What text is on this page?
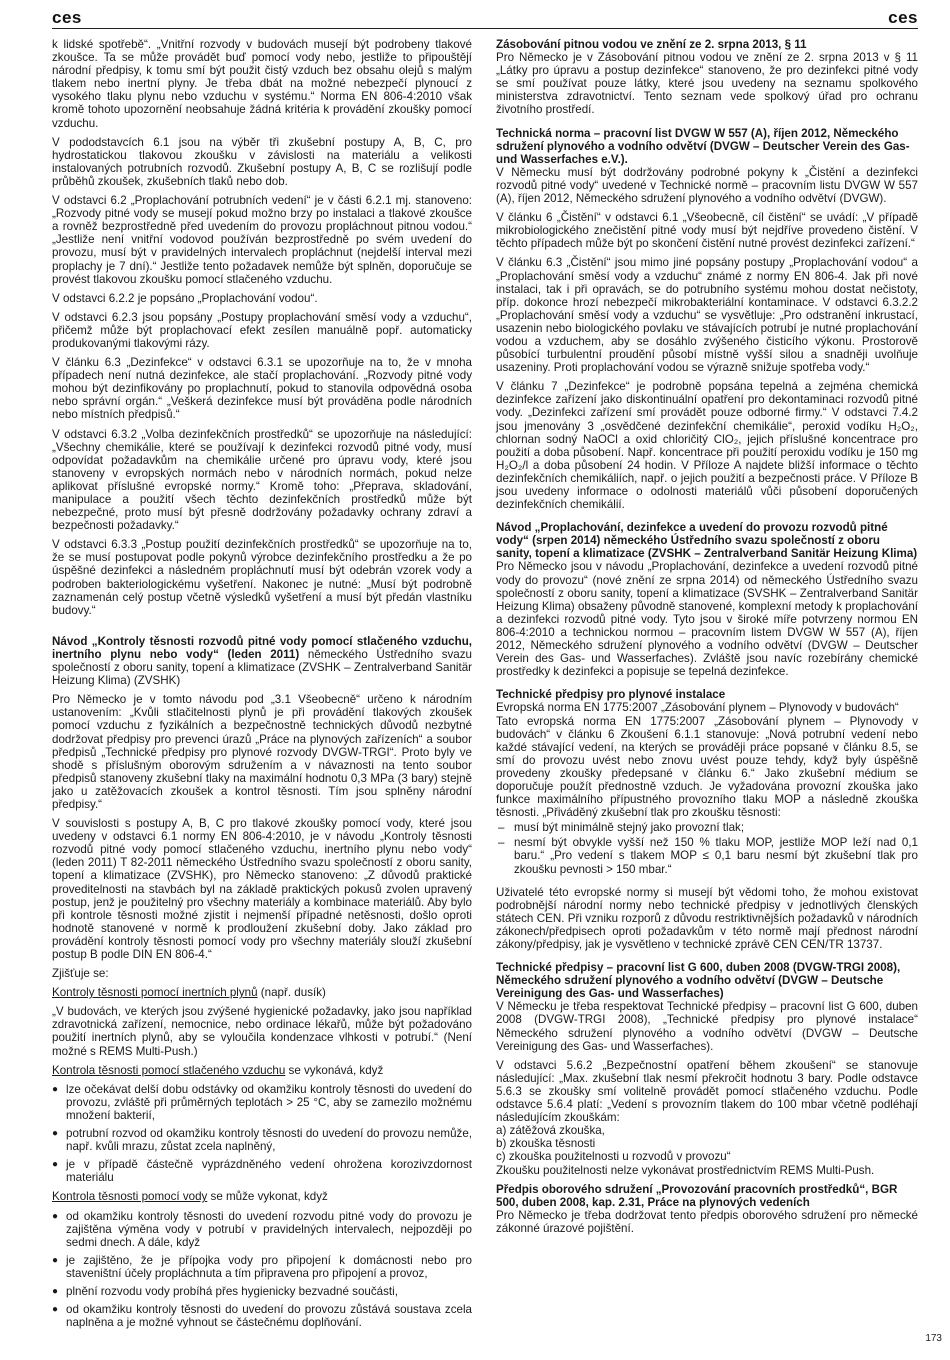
ces	ces

k lidské spotřebě“. „Vnitřní rozvody v budovách musejí být podrobeny tlakové zkoušce. Ta se může provádět buď pomocí vody nebo, jestliže to připouštějí národní předpisy, k tomu smí být použit čistý vzduch bez obsahu olejů s malým tlakem nebo inertní plyny. Je třeba dbát na možné nebezpečí plynoucí z vysokého tlaku plynu nebo vzduchu v systému.“ Norma EN 806-4:2010 však kromě tohoto upozornění neobsahuje žádná kritéria k provádění zkoušky pomocí vzduchu.

V pododstavcích 6.1 jsou na výběr tři zkušební postupy A, B, C, pro hydrostatickou tlakovou zkoušku v závislosti na materiálu a velikosti instalovaných potrubních rozvodů. Zkušební postupy A, B, C se rozlišují podle průběhů zkoušek, zkušebních tlaků nebo dob.

V odstavci 6.2 „Proplachování potrubních vedení“ je v části 6.2.1 mj. stanoveno: „Rozvody pitné vody se musejí pokud možno brzy po instalaci a tlakové zkoušce a rovněž bezprostředně před uvedením do provozu propláchnout pitnou vodou.“ „Jestliže není vnitřní vodovod používán bezprostředně po svém uvedení do provozu, musí být v pravidelných intervalech propláchnut (nejdelší interval mezi proplachy je 7 dní).“ Jestliže tento požadavek nemůže být splněn, doporučuje se provést tlakovou zkoušku pomocí stlačeného vzduchu.

V odstavci 6.2.2 je popsáno „Proplachování vodou“.

V odstavci 6.2.3 jsou popsány „Postupy proplachování směsí vody a vzduchu“, přičemž může být proplachovací efekt zesílen manuálně popř. automaticky produkovanými tlakovými rázy.

V článku 6.3 „Dezinfekce“ v odstavci 6.3.1 se upozorňuje na to, že v mnoha případech není nutná dezinfekce, ale stačí proplachování. „Rozvody pitné vody mohou být dezinfikovány po proplachnutí, pokud to stanovila odpovědná osoba nebo správní orgán.“ „Veškerá dezinfekce musí být prováděna podle národních nebo místních předpisů.“

V odstavci 6.3.2 „Volba dezinfekčních prostředků“ se upozorňuje na následující: „Všechny chemikálie, které se používají k dezinfekci rozvodů pitné vody, musí odpovídat požadavkům na chemikálie určené pro úpravu vody, které jsou stanoveny v evropských normách nebo v národních normách, pokud nelze aplikovat příslušné evropské normy.“ Kromě toho: „Přeprava, skladování, manipulace a použití všech těchto dezinfekčních prostředků může být nebezpečné, proto musí být přesně dodržovány požadavky ochrany zdraví a bezpečnosti požadavky.“

V odstavci 6.3.3 „Postup použití dezinfekčních prostředků“ se upozorňuje na to, že se musí postupovat podle pokynů výrobce dezinfekčního prostředku a že po úspěšné dezinfekci a následném propláchnutí musí být odebrán vzorek vody a podroben bakteriologickému vyšetření. Nakonec je nutné: „Musí být podrobně zaznamenán celý postup včetně výsledků vyšetření a musí být předán vlastníku budovy.“

Návod „Kontroly těsnosti rozvodů pitné vody pomocí stlačeného vzduchu, inertního plynu nebo vody“ (leden 2011) německého Ústředního svazu společností z oboru sanity, topení a klimatizace (ZVSHK – Zentralverband Sanitär Heizung Klima) (ZVSHK)

Pro Německo je v tomto návodu pod „3.1 Všeobecně“ určeno k národním ustanovením: „Kvůli stlačitelnosti plynů je při provádění tlakových zkoušek pomocí vzduchu z fyzikálních a bezpečnostně technických důvodů nezbytné dodržovat předpisy pro prevenci úrazů „Práce na plynových zařízeních“ a soubor předpisů „Technické předpisy pro plynové rozvody DVGW-TRGI“. Proto byly ve shodě s příslušným oborovým sdružením a v návaznosti na tento soubor předpisů stanoveny zkušební tlaky na maximální hodnotu 0,3 MPa (3 bary) stejně jako u zatěžovacích zkoušek a kontrol těsnosti. Tím jsou splněny národní předpisy.“

V souvislosti s postupy A, B, C pro tlakové zkoušky pomocí vody, které jsou uvedeny v odstavci 6.1 normy EN 806-4:2010, je v návodu „Kontroly těsnosti rozvodů pitné vody pomocí stlačeného vzduchu, inertního plynu nebo vody“ (leden 2011) T 82-2011 německého Ústředního svazu společností z oboru sanity, topení a klimatizace (ZVSHK), pro Německo stanoveno: „Z důvodů praktické proveditelnosti na stavbách byl na základě praktických pokusů zvolen upravený postup, jenž je použitelný pro všechny materiály a kombinace materiálů. Aby bylo při kontrole těsnosti možné zjistit i nejmenší případné netěsnosti, došlo oproti hodnotě stanovené v normě k prodloužení zkušební doby. Jako základ pro provádění kontroly těsnosti pomocí vody pro všechny materiály slouží zkušební postup B podle DIN EN 806-4.“

Zjišťuje se:

Kontroly těsnosti pomocí inertních plynů (např. dusík)

„V budovách, ve kterých jsou zvýšené hygienické požadavky, jako jsou například zdravotnická zařízení, nemocnice, nebo ordinace lékařů, může být požadováno použití inertních plynů, aby se vyloučila kondenzace vlhkosti v potrubí.“ (Není možné s REMS Multi-Push.)

Kontrola těsnosti pomocí stlačeného vzduchu se vykonává, když

● lze očekávat delší dobu odstávky od okamžiku kontroly těsnosti do uvedení do provozu, zvláště při průměrných teplotách > 25 °C, aby se zamezilo možnému množení bakterií,
● potrubní rozvod od okamžiku kontroly těsnosti do uvedení do provozu nemůže, např. kvůli mrazu, zůstat zcela naplněný,
● je v případě částečně vyprázdněného vedení ohrožena korozivzdornost materiálu

Kontrola těsnosti pomocí vody se může vykonat, když

● od okamžiku kontroly těsnosti do uvedení rozvodu pitné vody do provozu je zajištěna výměna vody v potrubí v pravidelných intervalech, nejpozději po sedmi dnech. A dále, když
● je zajištěno, že je přípojka vody pro připojení k domácnosti nebo pro staveništní účely propláchnuta a tím připravena pro připojení a provoz,
● plnění rozvodu vody probíhá přes hygienicky bezvadné součásti,
● od okamžiku kontroly těsnosti do uvedení do provozu zůstává soustava zcela naplněna a je možné vyhnout se částečnému doplňování.
Zásobování pitnou vodou ve znění ze 2. srpna 2013, § 11

Pro Německo je v Zásobování pitnou vodou ve znění ze 2. srpna 2013 v § 11 „Látky pro úpravu a postup dezinfekce“ stanoveno, že pro dezinfekci pitné vody se smí používat pouze látky, které jsou uvedeny na seznamu spolkového ministerstva zdravotnictví. Tento seznam vede spolkový úřad pro ochranu životního prostředí.

Technická norma – pracovní list DVGW W 557 (A), říjen 2012, Německého sdružení plynového a vodního odvětví (DVGW – Deutscher Verein des Gas- und Wasserfaches e.V.).

V Německu musí být dodržovány podrobné pokyny k „Čistění a dezinfekci rozvodů pitné vody“ uvedené v Technické normě – pracovním listu DVGW W 557 (A), říjen 2012, Německého sdružení plynového a vodního odvětví (DVGW).

V článku 6 „Čistění“ v odstavci 6.1 „Všeobecně, cíl čistění“ se uvádí: „V případě mikrobiologického znečistění pitné vody musí být nejdříve provedeno čistění. V těchto případech může být po skončení čistění nutné provést dezinfekci zařízení.“

V článku 6.3 „Čistění“ jsou mimo jiné popsány postupy „Proplachování vodou“ a „Proplachování směsí vody a vzduchu“ známé z normy EN 806-4. Jak při nové instalaci, tak i při opravách, se do potrubního systému mohou dostat nečistoty, příp. dokonce hrozí nebezpečí mikrobakteriální kontaminace. V odstavci 6.3.2.2 „Proplachování směsí vody a vzduchu“ se vysvětluje: „Pro odstranění inkrustací, usazenin nebo biologického povlaku ve stávajících potrubí je nutné proplachování vodou a vzduchem, aby se dosáhlo zvýšeného čisticího výkonu. Prostorově působící turbulentní proudění působí místně vyšší silou a snadněji uvolňuje usazeniny. Proti proplachování vodou se výrazně snižuje spotřeba vody.“

V článku 7 „Dezinfekce“ je podrobně popsána tepelná a zejména chemická dezinfekce zařízení jako diskontinuální opatření pro dekontaminaci rozvodů pitné vody. „Dezinfekci zařízení smí provádět pouze odborné firmy.“ V odstavci 7.4.2 jsou jmenovány 3 „osvědčené dezinfekční chemikálie“, peroxid vodíku H₂O₂, chlornan sodný NaOCl a oxid chloričitý ClO₂, jejich příslušné koncentrace pro použití a doba působení. Např. koncentrace při použití peroxidu vodíku je 150 mg H₂O₂/l a doba působení 24 hodin. V Příloze A najdete bližší informace o těchto dezinfekčních chemikáliích, např. o jejich použití a bezpečnosti práce. V Příloze B jsou uvedeny informace o odolnosti materiálů vůči působení doporučených dezinfekčních chemikálií.

Návod „Proplachování, dezinfekce a uvedení do provozu rozvodů pitné vody“ (srpen 2014) německého Ústředního svazu společností z oboru sanity, topení a klimatizace (ZVSHK – Zentralverband Sanitär Heizung Klima)

Pro Německo jsou v návodu „Proplachování, dezinfekce a uvedení rozvodů pitné vody do provozu“ (nové znění ze srpna 2014) od německého Ústředního svazu společností z oboru sanity, topení a klimatizace (SVSHK – Zentralverband Sanitär Heizung Klima) obsaženy původně stanovené, komplexní metody k proplachování a dezinfekci rozvodů pitné vody. Tyto jsou v široké míře potvrzeny normou EN 806-4:2010 a technickou normou – pracovním listem DVGW W 557 (A), říjen 2012, Německého sdružení plynového a vodního odvětví (DVGW – Deutscher Verein des Gas- und Wasserfaches). Zvláště jsou navíc rozebírány chemické prostředky k dezinfekci a popisuje se tepelná dezinfekce.

Technické předpisy pro plynové instalace

Evropská norma EN 1775:2007 „Zásobování plynem – Plynovody v budovách“

Tato evropská norma EN 1775:2007 „Zásobování plynem – Plynovody v budovách“ v článku 6 Zkoušení 6.1.1 stanovuje: „Nová potrubní vedení nebo každé stávající vedení, na kterých se prováději práce popsané v článku 8.5, se smí do provozu uvést nebo znovu uvést pouze tehdy, když byly úspěšně provedeny zkoušky předepsané v článku 6.“ Jako zkušební médium se doporučuje použít přednostně vzduch. Je vyžadována provozní zkouška jako funkce maximálního přípustného provozního tlaku MOP a následně zkouška těsnosti. „Přiváděný zkušební tlak pro zkoušku těsnosti:

– musí být minimálně stejný jako provozní tlak;
– nesmí být obvykle vyšší než 150 % tlaku MOP, jestliže MOP leží nad 0,1 baru.“ „Pro vedení s tlakem MOP ≤ 0,1 baru nesmí být zkušební tlak pro zkoušku pevnosti > 150 mbar.“

Uživatelé této evropské normy si musejí být vědomi toho, že mohou existovat podrobnější národní normy nebo technické předpisy v jednotlivých členských státech CEN. Při vzniku rozporů z důvodu restriktivnějších požadavků v národních zákonech/předpisech oproti požadavkům v této normě mají přednost národní zákony/předpisy, jak je vysvětleno v technické zprávě CEN CEN/TR 13737.

Technické předpisy – pracovní list G 600, duben 2008 (DVGW-TRGI 2008), Německého sdružení plynového a vodního odvětví (DVGW – Deutsche Vereinigung des Gas- und Wasserfaches)

V Německu je třeba respektovat Technické předpisy – pracovní list G 600, duben 2008 (DVGW-TRGI 2008), „Technické předpisy pro plynové instalace“ Německého sdružení plynového a vodního odvětví (DVGW – Deutsche Vereinigung des Gas- und Wasserfaches).

V odstavci 5.6.2 „Bezpečnostní opatření během zkoušení“ se stanovuje následující: „Max. zkušební tlak nesmí překročit hodnotu 3 bary. Podle odstavce 5.6.3 se zkoušky smí volitelně provádět pomocí stlačeného vzduchu. Podle odstavce 5.6.4 platí: „Vedení s provozním tlakem do 100 mbar včetně podléhají následujícím zkouškám:

a) zátěžová zkouška,
b) zkouška těsnosti
c) zkouška použitelnosti u rozvodů v provozu“

Zkoušku použitelnosti nelze vykonávat prostřednictvím REMS Multi-Push.

Předpis oborového sdružení „Provozování pracovních prostředků“, BGR 500, duben 2008, kap. 2.31, Práce na plynových vedeních

Pro Německo je třeba dodržovat tento předpis oborového sdružení pro německé zákonné úrazové pojištění.

173
